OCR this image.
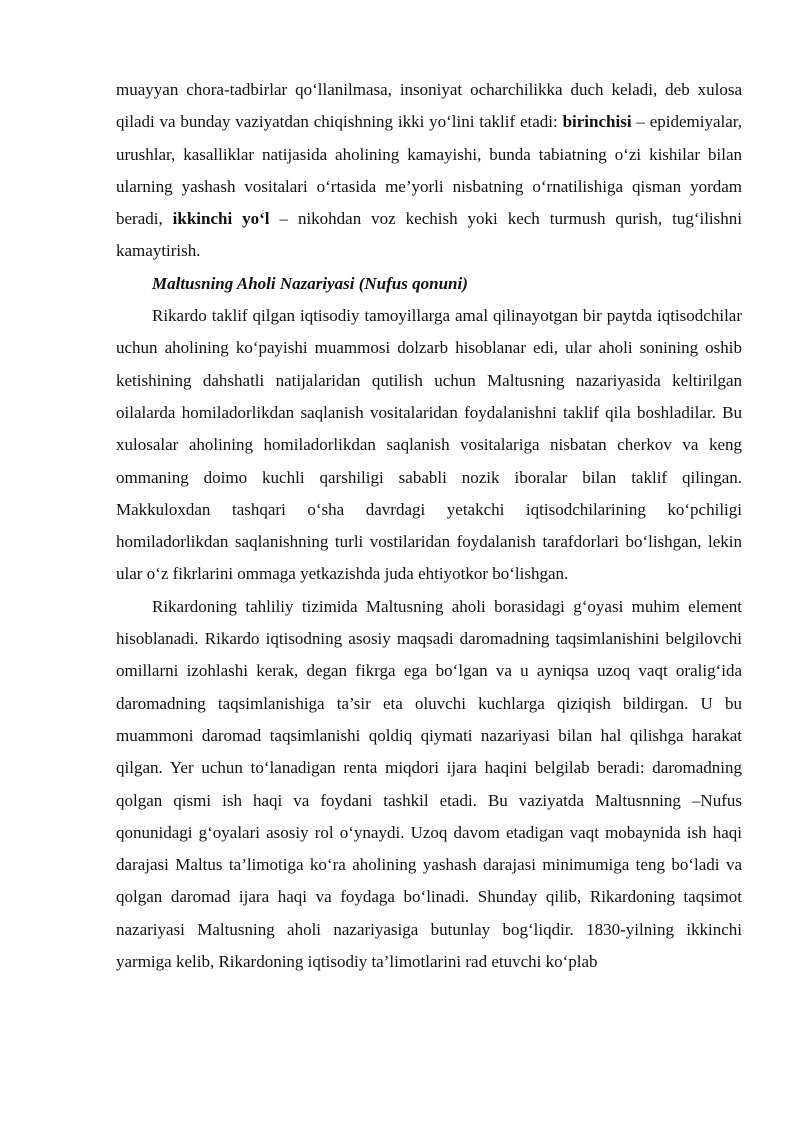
muayyan chora-tadbirlar qo‘llanilmasa, insoniyat ocharchilikka duch keladi, deb xulosa qiladi va bunday vaziyatdan chiqishning ikki yo‘lini taklif etadi: birinchisi – epidemiyalar, urushlar, kasalliklar natijasida aholining kamayishi, bunda tabiatning o‘zi kishilar bilan ularning yashash vositalari o‘rtasida me’yorli nisbatning o‘rnatilishiga qisman yordam beradi, ikkinchi yo‘l – nikohdan voz kechish yoki kech turmush qurish, tug‘ilishni kamaytirish.

Maltusning Aholi Nazariyasi (Nufus qonuni)

Rikardo taklif qilgan iqtisodiy tamoyillarga amal qilinayotgan bir paytda iqtisodchilar uchun aholining ko‘payishi muammosi dolzarb hisoblanar edi, ular aholi sonining oshib ketishining dahshatli natijalaridan qutilish uchun Maltusning nazariyasida keltirilgan oilalarda homiladorlikdan saqlanish vositalaridan foydalanishni taklif qila boshladilar. Bu xulosalar aholining homiladorlikdan saqlanish vositalariga nisbatan cherkov va keng ommaning doimo kuchli qarshiligi sababli nozik iboralar bilan taklif qilingan. Makkuloxdan tashqari o‘sha davrdagi yetakchi iqtisodchilarining ko‘pchiligi homiladorlikdan saqlanishning turli vostilaridan foydalanish tarafdorlari bo‘lishgan, lekin ular o‘z fikrlarini ommaga yetkazishda juda ehtiyotkor bo‘lishgan.

Rikardoning tahliliy tizimida Maltusning aholi borasidagi g‘oyasi muhim element hisoblanadi. Rikardo iqtisodning asosiy maqsadi daromadning taqsimlanishini belgilovchi omillarni izohlashi kerak, degan fikrga ega bo‘lgan va u ayniqsa uzoq vaqt oralig‘ida daromadning taqsimlanishiga ta’sir eta oluvchi kuchlarga qiziqish bildirgan. U bu muammoni daromad taqsimlanishi qoldiq qiymati nazariyasi bilan hal qilishga harakat qilgan. Yer uchun to‘lanadigan renta miqdori ijara haqini belgilab beradi: daromadning qolgan qismi ish haqi va foydani tashkil etadi. Bu vaziyatda Maltusnning –Nufus qonunidagi g‘oyalari asosiy rol o‘ynaydi. Uzoq davom etadigan vaqt mobaynida ish haqi darajasi Maltus ta’limotiga ko‘ra aholining yashash darajasi minimumiga teng bo‘ladi va qolgan daromad ijara haqi va foydaga bo‘linadi. Shunday qilib, Rikardoning taqsimot nazariyasi Maltusning aholi nazariyasiga butunlay bog‘liqdir. 1830-yilning ikkinchi yarmiga kelib, Rikardoning iqtisodiy ta’limotlarini rad etuvchi ko‘plab
